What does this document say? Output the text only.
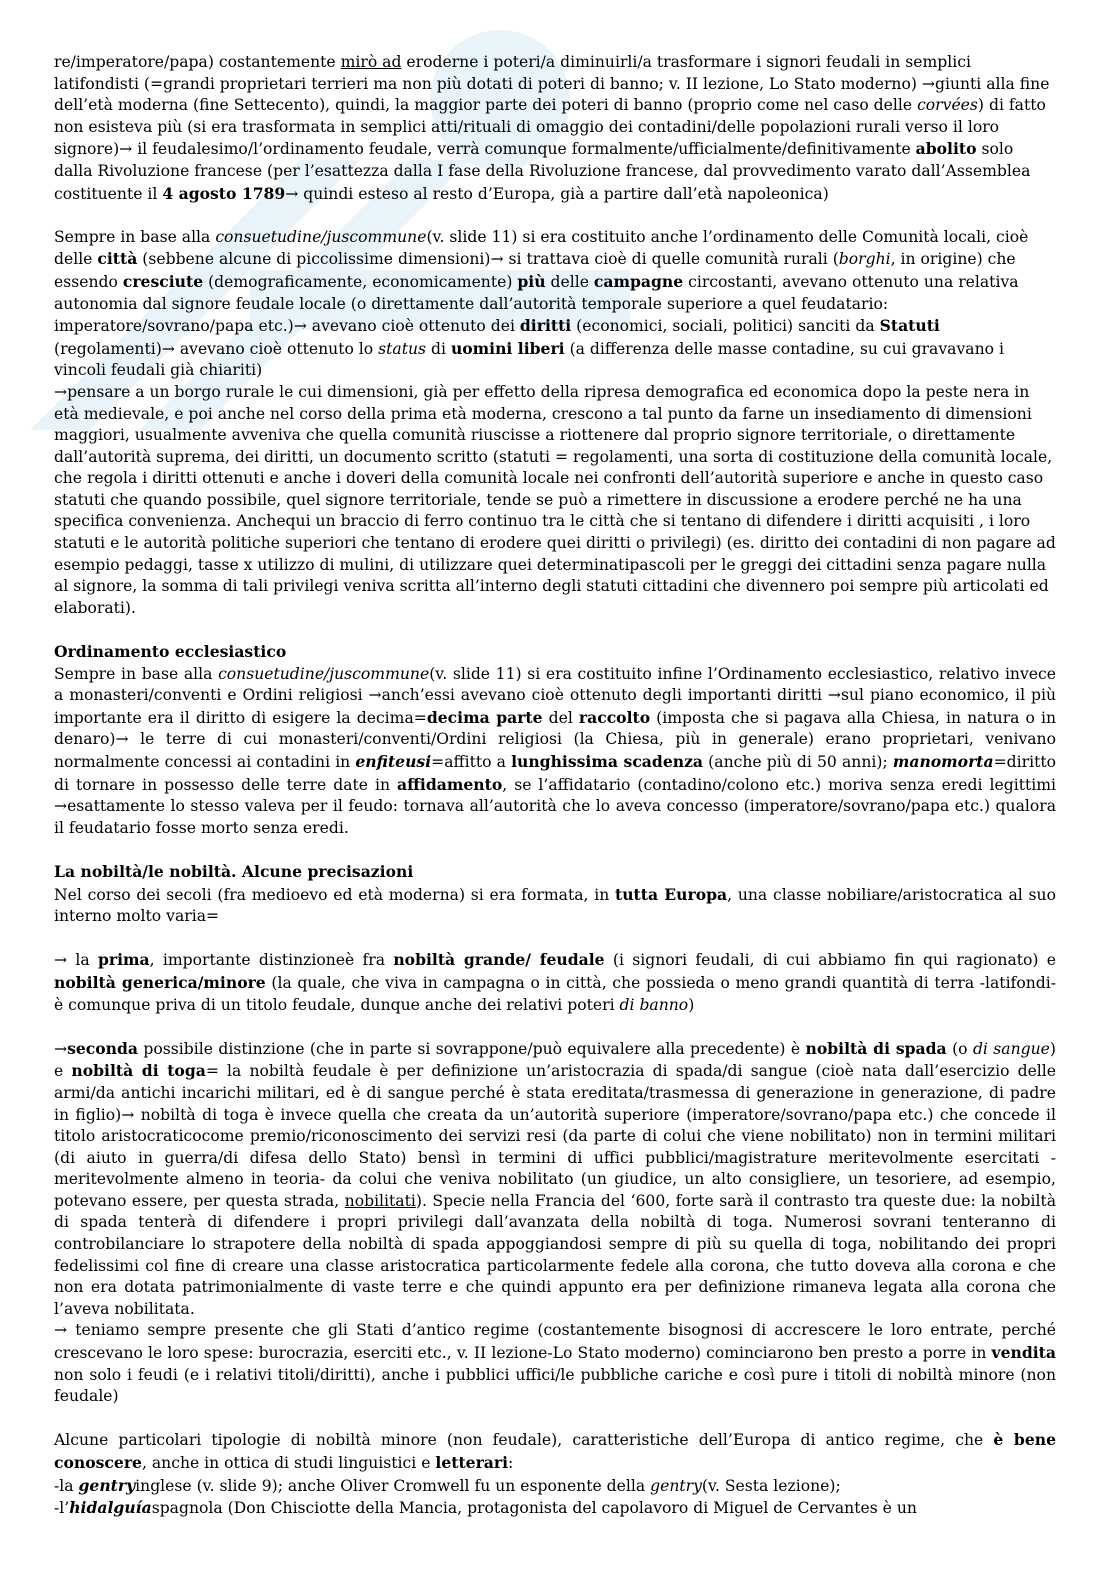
re/imperatore/papa) costantemente mirò ad eroderne i poteri/a diminuirli/a trasformare i signori feudali in semplici latifondisti (=grandi proprietari terrieri ma non più dotati di poteri di banno; v. II lezione, Lo Stato moderno) →giunti alla fine dell’età moderna (fine Settecento), quindi, la maggior parte dei poteri di banno (proprio come nel caso delle corvées) di fatto non esisteva più (si era trasformata in semplici atti/rituali di omaggio dei contadini/delle popolazioni rurali verso il loro signore)→ il feudalesimo/l’ordinamento feudale, verrà comunque formalmente/ufficialmente/definitivamente abolito solo dalla Rivoluzione francese (per l’esattezza dalla I fase della Rivoluzione francese, dal provvedimento varato dall’Assemblea costituente il 4 agosto 1789→ quindi esteso al resto d’Europa, già a partire dall’età napoleonica)

Sempre in base alla consuetudine/juscommune(v. slide 11) si era costituito anche l’ordinamento delle Comunità locali, cioè delle città (sebbene alcune di piccolissime dimensioni)→ si trattava cioè di quelle comunità rurali (borghi, in origine) che essendo cresciute (demograficamente, economicamente) più delle campagne circostanti, avevano ottenuto una relativa autonomia dal signore feudale locale (o direttamente dall’autorità temporale superiore a quel feudatario: imperatore/sovrano/papa etc.)→ avevano cioè ottenuto dei diritti (economici, sociali, politici) sanciti da Statuti (regolamenti)→ avevano cioè ottenuto lo status di uomini liberi (a differenza delle masse contadine, su cui gravavano i vincoli feudali già chiariti)

→pensare a un borgo rurale le cui dimensioni, già per effetto della ripresa demografica ed economica dopo la peste nera in età medievale, e poi anche nel corso della prima età moderna, crescono a tal punto da farne un insediamento di dimensioni maggiori, usualmente avveniva che quella comunità riuscisse a riottenere dal proprio signore territoriale, o direttamente dall’autorità suprema, dei diritti, un documento scritto (statuti = regolamenti, una sorta di costituzione della comunità locale, che regola i diritti ottenuti e anche i doveri della comunità locale nei confronti dell’autorità superiore e anche in questo caso statuti che quando possibile, quel signore territoriale, tende se può a rimettere in discussione a erodere perché ne ha una specifica convenienza. Anchequi un braccio di ferro continuo tra le città che si tentano di difendere i diritti acquisiti , i loro statuti e le autorità politiche superiori che tentano di erodere quei diritti o privilegi) (es. diritto dei contadini di non pagare ad esempio pedaggi, tasse x utilizzo di mulini, di utilizzare quei determinatipascoli per le greggi dei cittadini senza pagare nulla al signore, la somma di tali privilegi veniva scritta all’interno degli statuti cittadini che divennero poi sempre più articolati ed elaborati).

Ordinamento ecclesiastico

Sempre in base alla consuetudine/juscommune(v. slide 11) si era costituito infine l’Ordinamento ecclesiastico, relativo invece a monasteri/conventi e Ordini religiosi →anch’essi avevano cioè ottenuto degli importanti diritti →sul piano economico, il più importante era il diritto di esigere la decima=decima parte del raccolto (imposta che si pagava alla Chiesa, in natura o in denaro)→ le terre di cui monasteri/conventi/Ordini religiosi (la Chiesa, più in generale) erano proprietari, venivano normalmente concessi ai contadini in enfiteusi=affitto a lunghissima scadenza (anche più di 50 anni); manomorta=diritto di tornare in possesso delle terre date in affidamento, se l’affidatario (contadino/colono etc.) moriva senza eredi legittimi →esattamente lo stesso valeva per il feudo: tornava all’autorità che lo aveva concesso (imperatore/sovrano/papa etc.) qualora il feudatario fosse morto senza eredi.

La nobiltà/le nobiltà. Alcune precisazioni

Nel corso dei secoli (fra medioevo ed età moderna) si era formata, in tutta Europa, una classe nobiliare/aristocratica al suo interno molto varia=

→ la prima, importante distinzioneè fra nobiltà grande/ feudale (i signori feudali, di cui abbiamo fin qui ragionato) e nobiltà generica/minore (la quale, che viva in campagna o in città, che possieda o meno grandi quantità di terra -latifondi- è comunque priva di un titolo feudale, dunque anche dei relativi poteri di banno)

→seconda possibile distinzione (che in parte si sovrappone/può equivalere alla precedente) è nobiltà di spada (o di sangue) e nobiltà di toga= la nobiltà feudale è per definizione un’aristocrazia di spada/di sangue (cioè nata dall’esercizio delle armi/da antichi incarichi militari, ed è di sangue perché è stata ereditata/trasmessa di generazione in generazione, di padre in figlio)→ nobiltà di toga è invece quella che creata da un’autorità superiore (imperatore/sovrano/papa etc.) che concede il titolo aristocraticocome premio/riconoscimento dei servizi resi (da parte di colui che viene nobilitato) non in termini militari (di aiuto in guerra/di difesa dello Stato) bensì in termini di uffici pubblici/magistrature meritevolmente esercitati -meritevolmente almeno in teoria- da colui che veniva nobilitato (un giudice, un alto consigliere, un tesoriere, ad esempio, potevano essere, per questa strada, nobilitati). Specie nella Francia del ‘600, forte sarà il contrasto tra queste due: la nobiltà di spada tenterà di difendere i propri privilegi dall’avanzata della nobiltà di toga. Numerosi sovrani tenteranno di controbilanciare lo strapotere della nobiltà di spada appoggiandosi sempre di più su quella di toga, nobilitando dei propri fedelissimi col fine di creare una classe aristocratica particolarmente fedele alla corona, che tutto doveva alla corona e che non era dotata patrimonialmente di vaste terre e che quindi appunto era per definizione rimaneva legata alla corona che l’aveva nobilitata.

→ teniamo sempre presente che gli Stati d’antico regime (costantemente bisognosi di accrescere le loro entrate, perché crescevano le loro spese: burocrazia, eserciti etc., v. II lezione-Lo Stato moderno) cominciarono ben presto a porre in vendita non solo i feudi (e i relativi titoli/diritti), anche i pubblici uffici/le pubbliche cariche e così pure i titoli di nobiltà minore (non feudale)

Alcune particolari tipologie di nobiltà minore (non feudale), caratteristiche dell’Europa di antico regime, che è bene conoscere, anche in ottica di studi linguistici e letterari:

-la gentryinglese (v. slide 9); anche Oliver Cromwell fu un esponente della gentry(v. Sesta lezione);

-l’hidalguíaspagnola (Don Chisciotte della Mancia, protagonista del capolavoro di Miguel de Cervantes è un
